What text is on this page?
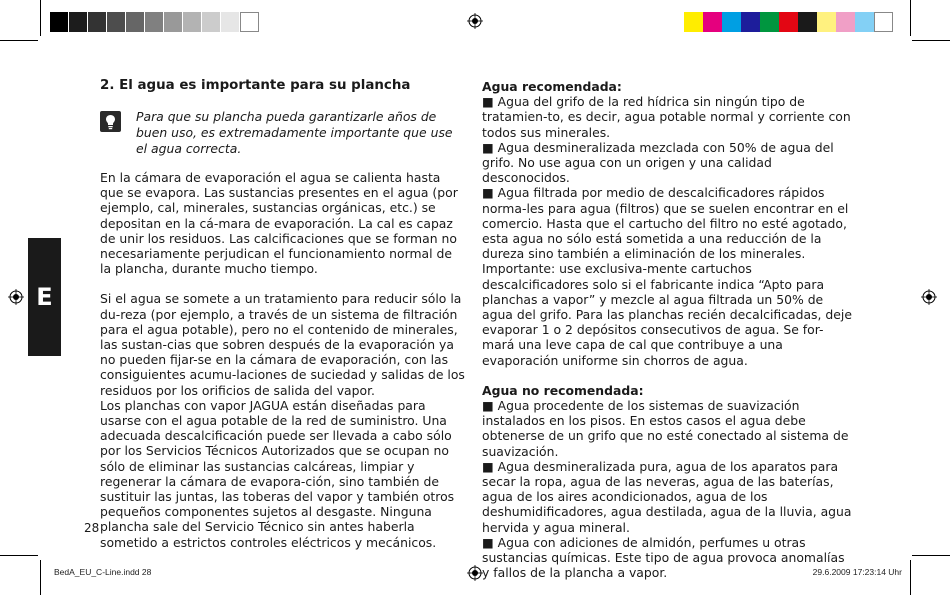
E
2. El agua es importante para su plancha

Para que su plancha pueda garantizarle años de buen uso, es extremadamente importante que use el agua correcta.

En la cámara de evaporación el agua se calienta hasta que se evapora. Las sustancias presentes en el agua (por ejemplo, cal, minerales, sustancias orgánicas, etc.) se depositan en la cá-mara de evaporación. La cal es capaz de unir los residuos. Las calcificaciones que se forman no necesariamente perjudican el funcionamiento normal de la plancha, durante mucho tiempo.

Si el agua se somete a un tratamiento para reducir sólo la du-reza (por ejemplo, a través de un sistema de filtración para el agua potable), pero no el contenido de minerales, las sustan-cias que sobren después de la evaporación ya no pueden fijar-se en la cámara de evaporación, con las consiguientes acumu-laciones de suciedad y salidas de los residuos por los orificios de salida del vapor.

Los planchas con vapor JAGUA están diseñadas para usarse con el agua potable de la red de suministro. Una adecuada descalcificación puede ser llevada a cabo sólo por los Servicios Técnicos Autorizados que se ocupan no sólo de eliminar las sustancias calcáreas, limpiar y regenerar la cámara de evapora-ción, sino también de sustituir las juntas, las toberas del vapor y también otros pequeños componentes sujetos al desgaste. Ninguna plancha sale del Servicio Técnico sin antes haberla sometido a estrictos controles eléctricos y mecánicos.

28

Agua recomendada:

■ Agua del grifo de la red hídrica sin ningún tipo de tratamien-to, es decir, agua potable normal y corriente con todos sus minerales.

■ Agua desmineralizada mezclada con 50% de agua del grifo. No use agua con un origen y una calidad desconocidos.

■ Agua filtrada por medio de descalcificadores rápidos norma-les para agua (filtros) que se suelen encontrar en el comercio. Hasta que el cartucho del filtro no esté agotado, esta agua no sólo está sometida a una reducción de la dureza sino también a eliminación de los minerales. Importante: use exclusiva-mente cartuchos descalcificadores solo si el fabricante indica “Apto para planchas a vapor” y mezcle al agua filtrada un 50% de agua del grifo. Para las planchas recién decalcificadas, deje evaporar 1 o 2 depósitos consecutivos de agua. Se for-mará una leve capa de cal que contribuye a una evaporación uniforme sin chorros de agua.

Agua no recomendada:

■ Agua procedente de los sistemas de suavización instalados en los pisos. En estos casos el agua debe obtenerse de un grifo que no esté conectado al sistema de suavización.

■ Agua desmineralizada pura, agua de los aparatos para secar la ropa, agua de las neveras, agua de las baterías, agua de los aires acondicionados, agua de los deshumidificadores, agua destilada, agua de la lluvia, agua hervida y agua mineral.

■ Agua con adiciones de almidón, perfumes u otras sustancias químicas. Este tipo de agua provoca anomalías y fallos de la plancha a vapor.

BedA_EU_C-Line.indd 28	29.6.2009 17:23:14 Uhr
